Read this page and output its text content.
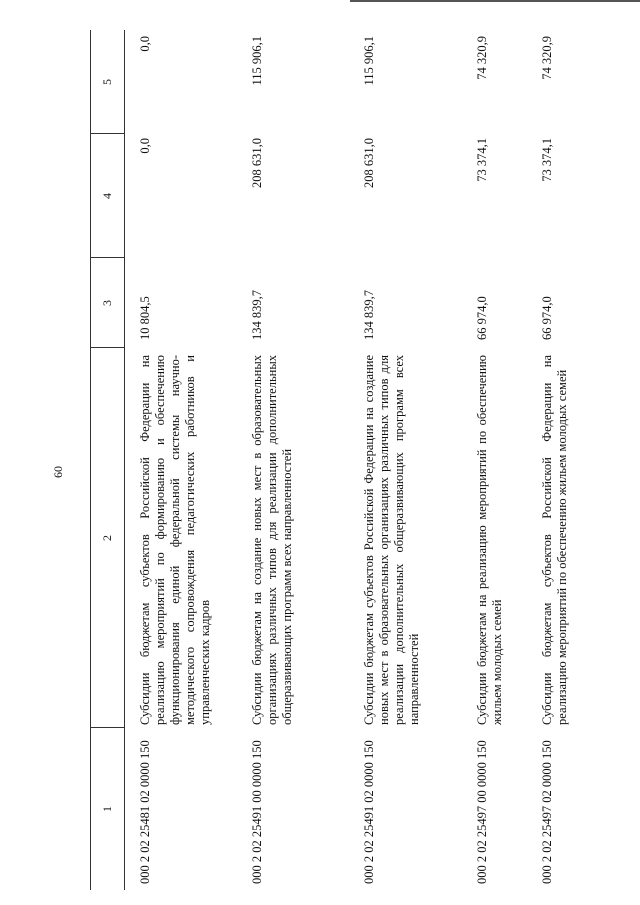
60
1
2
3
4
5
000 2 02 25481 02 0000 150
Субсидии бюджетам субъектов Российской Федерации на реализацию мероприятий по формированию и обеспечению функционирования единой федеральной системы научно-методического сопровождения педагогических работников и управленческих кадров
10 804,5
0,0
0,0
000 2 02 25491 00 0000 150
Субсидии бюджетам на создание новых мест в образовательных организациях различных типов для реализации дополнительных общеразвивающих программ всех направленностей
134 839,7
208 631,0
115 906,1
000 2 02 25491 02 0000 150
Субсидии бюджетам субъектов Российской Федерации на создание новых мест в образовательных организациях различных типов для реализации дополнительных общеразвивающих программ всех направленностей
134 839,7
208 631,0
115 906,1
000 2 02 25497 00 0000 150
Субсидии бюджетам на реализацию мероприятий по обеспечению жильем молодых семей
66 974,0
73 374,1
74 320,9
000 2 02 25497 02 0000 150
Субсидии бюджетам субъектов Российской Федерации на реализацию мероприятий по обеспечению жильем молодых семей
66 974,0
73 374,1
74 320,9
